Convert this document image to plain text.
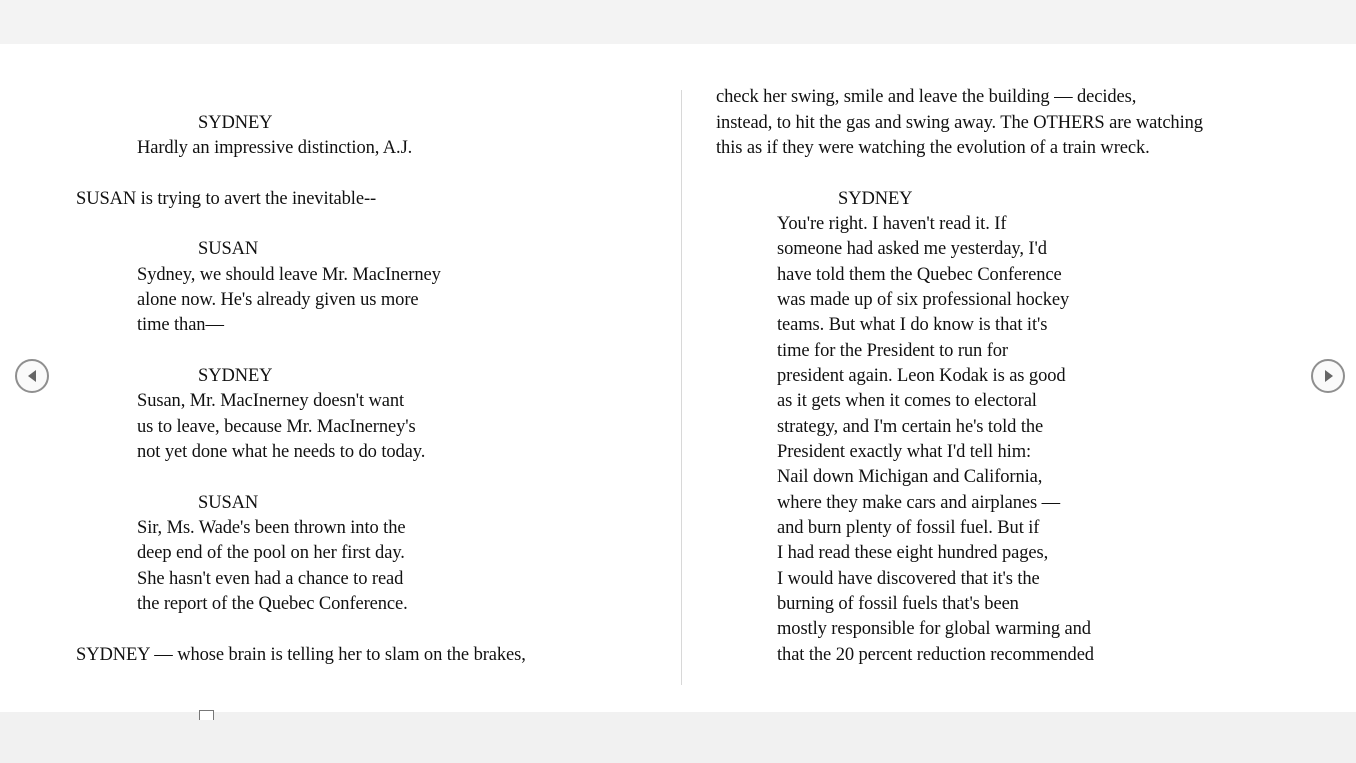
SYDNEY
Hardly an impressive distinction, A.J.
SUSAN is trying to avert the inevitable--
SUSAN
Sydney, we should leave Mr. MacInerney
alone now. He's already given us more
time than—
SYDNEY
Susan, Mr. MacInerney doesn't want
us to leave, because Mr. MacInerney's
not yet done what he needs to do today.
SUSAN
Sir, Ms. Wade's been thrown into the
deep end of the pool on her first day.
She hasn't even had a chance to read
the report of the Quebec Conference.
SYDNEY — whose brain is telling her to slam on the brakes,
check her swing, smile and leave the building — decides,
instead, to hit the gas and swing away. The OTHERS are watching
this as if they were watching the evolution of a train wreck.
SYDNEY
You're right. I haven't read it. If
someone had asked me yesterday, I'd
have told them the Quebec Conference
was made up of six professional hockey
teams. But what I do know is that it's
time for the President to run for
president again. Leon Kodak is as good
as it gets when it comes to electoral
strategy, and I'm certain he's told the
President exactly what I'd tell him:
Nail down Michigan and California,
where they make cars and airplanes —
and burn plenty of fossil fuel. But if
I had read these eight hundred pages,
I would have discovered that it's the
burning of fossil fuels that's been
mostly responsible for global warming and
that the 20 percent reduction recommended
